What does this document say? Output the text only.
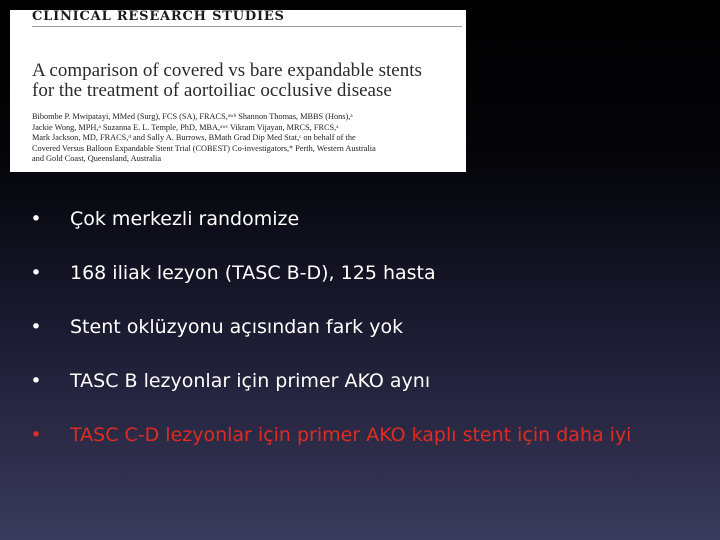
CLINICAL RESEARCH STUDIES
A comparison of covered vs bare expandable stents
for the treatment of aortoiliac occlusive disease
Bibombe P. Mwipatayi, MMed (Surg), FCS (SA), FRACS,ᵃʷᵇ Shannon Thomas, MBBS (Hons),ᵃ
Jackie Wong, MPH,ᵃ Suzanna E. L. Temple, PhD, MBA,ᵃʷᶜ Vikram Vijayan, MRCS, FRCS,ᵃ
Mark Jackson, MD, FRACS,ᵈ and Sally A. Burrows, BMath Grad Dip Med Stat,ᶜ on behalf of the
Covered Versus Balloon Expandable Stent Trial (COBEST) Co-investigators,* Perth, Western Australia
and Gold Coast, Queensland, Australia
• Çok merkezli randomize
• 168 iliak lezyon (TASC B-D), 125 hasta
• Stent oklüzyonu açısından fark yok
• TASC B lezyonlar için primer AKO aynı
• TASC C-D lezyonlar için primer AKO kaplı stent için daha iyi
